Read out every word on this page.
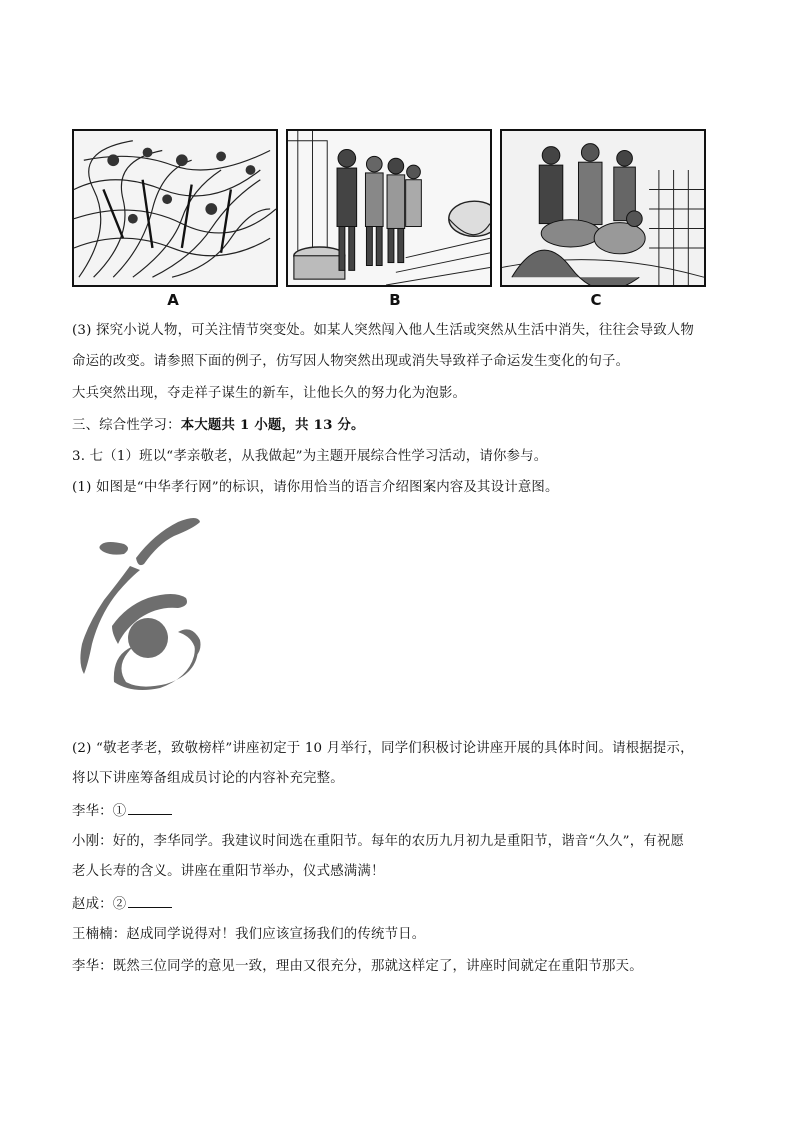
A	B	C
(3) 探究小说人物，可关注情节突变处。如某人突然闯入他人生活或突然从生活中消失，往往会导致人物
命运的改变。请参照下面的例子，仿写因人物突然出现或消失导致祥子命运发生变化的句子。
大兵突然出现，夺走祥子谋生的新车，让他长久的努力化为泡影。
三、综合性学习：本大题共 1 小题，共 13 分。
3. 七（1）班以“孝亲敬老，从我做起”为主题开展综合性学习活动，请你参与。
(1) 如图是“中华孝行网”的标识，请你用恰当的语言介绍图案内容及其设计意图。
(2) “敬老孝老，致敬榜样”讲座初定于 10 月举行，同学们积极讨论讲座开展的具体时间。请根据提示，
将以下讲座筹备组成员讨论的内容补充完整。
李华：①
小刚：好的，李华同学。我建议时间选在重阳节。每年的农历九月初九是重阳节，谐音“久久”，有祝愿
老人长寿的含义。讲座在重阳节举办，仪式感满满！
赵成：②
王楠楠：赵成同学说得对！我们应该宣扬我们的传统节日。
李华：既然三位同学的意见一致，理由又很充分，那就这样定了，讲座时间就定在重阳节那天。
